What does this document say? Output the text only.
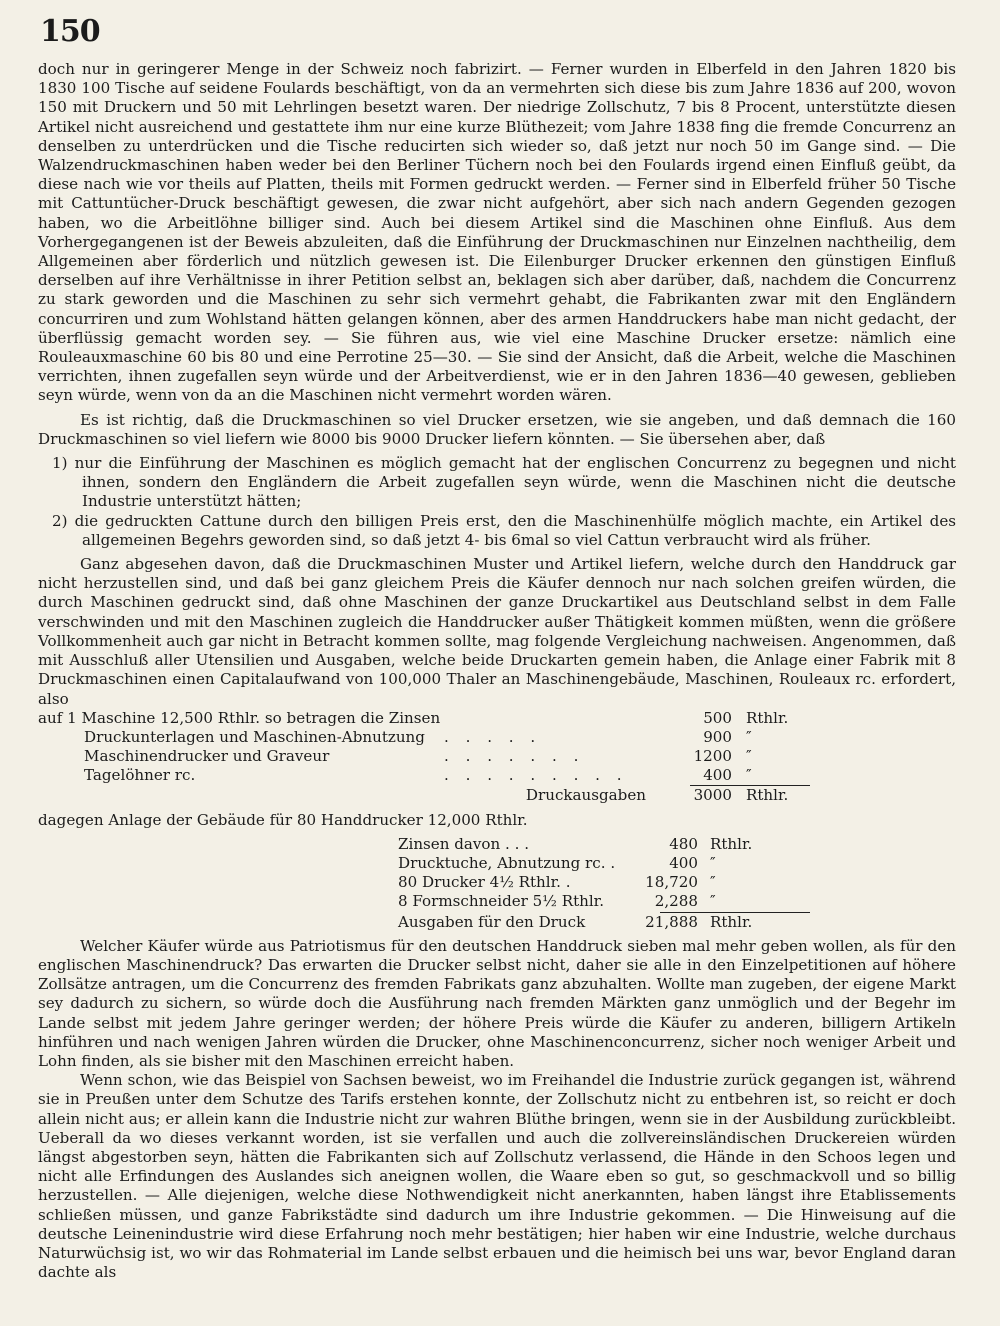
150

doch nur in geringerer Menge in der Schweiz noch fabrizirt. — Ferner wurden in Elberfeld in den Jahren 1820 bis 1830 100 Tische auf seidene Foulards beschäftigt, von da an vermehrten sich diese bis zum Jahre 1836 auf 200, wovon 150 mit Druckern und 50 mit Lehrlingen besetzt waren. Der niedrige Zollschutz, 7 bis 8 Procent, unterstützte diesen Artikel nicht ausreichend und gestattete ihm nur eine kurze Blüthezeit; vom Jahre 1838 fing die fremde Concurrenz an denselben zu unterdrücken und die Tische reducirten sich wieder so, daß jetzt nur noch 50 im Gange sind. — Die Walzendruckmaschinen haben weder bei den Berliner Tüchern noch bei den Foulards irgend einen Einfluß geübt, da diese nach wie vor theils auf Platten, theils mit Formen gedruckt werden. — Ferner sind in Elberfeld früher 50 Tische mit Cattuntücher-Druck beschäftigt gewesen, die zwar nicht aufgehört, aber sich nach andern Gegenden gezogen haben, wo die Arbeitlöhne billiger sind. Auch bei diesem Artikel sind die Maschinen ohne Einfluß. Aus dem Vorhergegangenen ist der Beweis abzuleiten, daß die Einführung der Druckmaschinen nur Einzelnen nachtheilig, dem Allgemeinen aber förderlich und nützlich gewesen ist. Die Eilenburger Drucker erkennen den günstigen Einfluß derselben auf ihre Verhältnisse in ihrer Petition selbst an, beklagen sich aber darüber, daß, nachdem die Concurrenz zu stark geworden und die Maschinen zu sehr sich vermehrt gehabt, die Fabrikanten zwar mit den Engländern concurriren und zum Wohlstand hätten gelangen können, aber des armen Handdruckers habe man nicht gedacht, der überflüssig gemacht worden sey. — Sie führen aus, wie viel eine Maschine Drucker ersetze: nämlich eine Rouleauxmaschine 60 bis 80 und eine Perrotine 25—30. — Sie sind der Ansicht, daß die Arbeit, welche die Maschinen verrichten, ihnen zugefallen seyn würde und der Arbeitverdienst, wie er in den Jahren 1836—40 gewesen, geblieben seyn würde, wenn von da an die Maschinen nicht vermehrt worden wären.

Es ist richtig, daß die Druckmaschinen so viel Drucker ersetzen, wie sie angeben, und daß demnach die 160 Druckmaschinen so viel liefern wie 8000 bis 9000 Drucker liefern könnten. — Sie übersehen aber, daß

1) nur die Einführung der Maschinen es möglich gemacht hat der englischen Concurrenz zu begegnen und nicht ihnen, sondern den Engländern die Arbeit zugefallen seyn würde, wenn die Maschinen nicht die deutsche Industrie unterstützt hätten;

2) die gedruckten Cattune durch den billigen Preis erst, den die Maschinenhülfe möglich machte, ein Artikel des allgemeinen Begehrs geworden sind, so daß jetzt 4- bis 6mal so viel Cattun verbraucht wird als früher.

Ganz abgesehen davon, daß die Druckmaschinen Muster und Artikel liefern, welche durch den Handdruck gar nicht herzustellen sind, und daß bei ganz gleichem Preis die Käufer dennoch nur nach solchen greifen würden, die durch Maschinen gedruckt sind, daß ohne Maschinen der ganze Druckartikel aus Deutschland selbst in dem Falle verschwinden und mit den Maschinen zugleich die Handdrucker außer Thätigkeit kommen müßten, wenn die größere Vollkommenheit auch gar nicht in Betracht kommen sollte, mag folgende Vergleichung nachweisen. Angenommen, daß mit Ausschluß aller Utensilien und Ausgaben, welche beide Druckarten gemein haben, die Anlage einer Fabrik mit 8 Druckmaschinen einen Capitalaufwand von 100,000 Thaler an Maschinengebäude, Maschinen, Rouleaux rc. erfordert, also

auf 1 Maschine 12,500 Rthlr. so betragen die Zinsen	500 Rthlr.
Druckunterlagen und Maschinen-Abnutzung	. . . . .	900 ″
Maschinendrucker und Graveur	. . . . . . .	1200 ″
Tagelöhner rc.	. . . . . . . . .	400 ″
Druckausgaben	3000 Rthlr.

dagegen Anlage der Gebäude für 80 Handdrucker 12,000 Rthlr.

Zinsen davon . . .	480 Rthlr.
Drucktuche, Abnutzung rc. .	400 ″
80 Drucker 4½ Rthlr. .	18,720 ″
8 Formschneider 5½ Rthlr.	2,288 ″
Ausgaben für den Druck	21,888 Rthlr.

Welcher Käufer würde aus Patriotismus für den deutschen Handdruck sieben mal mehr geben wollen, als für den englischen Maschinendruck? Das erwarten die Drucker selbst nicht, daher sie alle in den Einzelpetitionen auf höhere Zollsätze antragen, um die Concurrenz des fremden Fabrikats ganz abzuhalten. Wollte man zugeben, der eigene Markt sey dadurch zu sichern, so würde doch die Ausführung nach fremden Märkten ganz unmöglich und der Begehr im Lande selbst mit jedem Jahre geringer werden; der höhere Preis würde die Käufer zu anderen, billigern Artikeln hinführen und nach wenigen Jahren würden die Drucker, ohne Maschinenconcurrenz, sicher noch weniger Arbeit und Lohn finden, als sie bisher mit den Maschinen erreicht haben.

Wenn schon, wie das Beispiel von Sachsen beweist, wo im Freihandel die Industrie zurück gegangen ist, während sie in Preußen unter dem Schutze des Tarifs erstehen konnte, der Zollschutz nicht zu entbehren ist, so reicht er doch allein nicht aus; er allein kann die Industrie nicht zur wahren Blüthe bringen, wenn sie in der Ausbildung zurückbleibt. Ueberall da wo dieses verkannt worden, ist sie verfallen und auch die zollvereinsländischen Druckereien würden längst abgestorben seyn, hätten die Fabrikanten sich auf Zollschutz verlassend, die Hände in den Schoos legen und nicht alle Erfindungen des Auslandes sich aneignen wollen, die Waare eben so gut, so geschmackvoll und so billig herzustellen. — Alle diejenigen, welche diese Nothwendigkeit nicht anerkannten, haben längst ihre Etablissements schließen müssen, und ganze Fabrikstädte sind dadurch um ihre Industrie gekommen. — Die Hinweisung auf die deutsche Leinenindustrie wird diese Erfahrung noch mehr bestätigen; hier haben wir eine Industrie, welche durchaus Naturwüchsig ist, wo wir das Rohmaterial im Lande selbst erbauen und die heimisch bei uns war, bevor England daran dachte als
